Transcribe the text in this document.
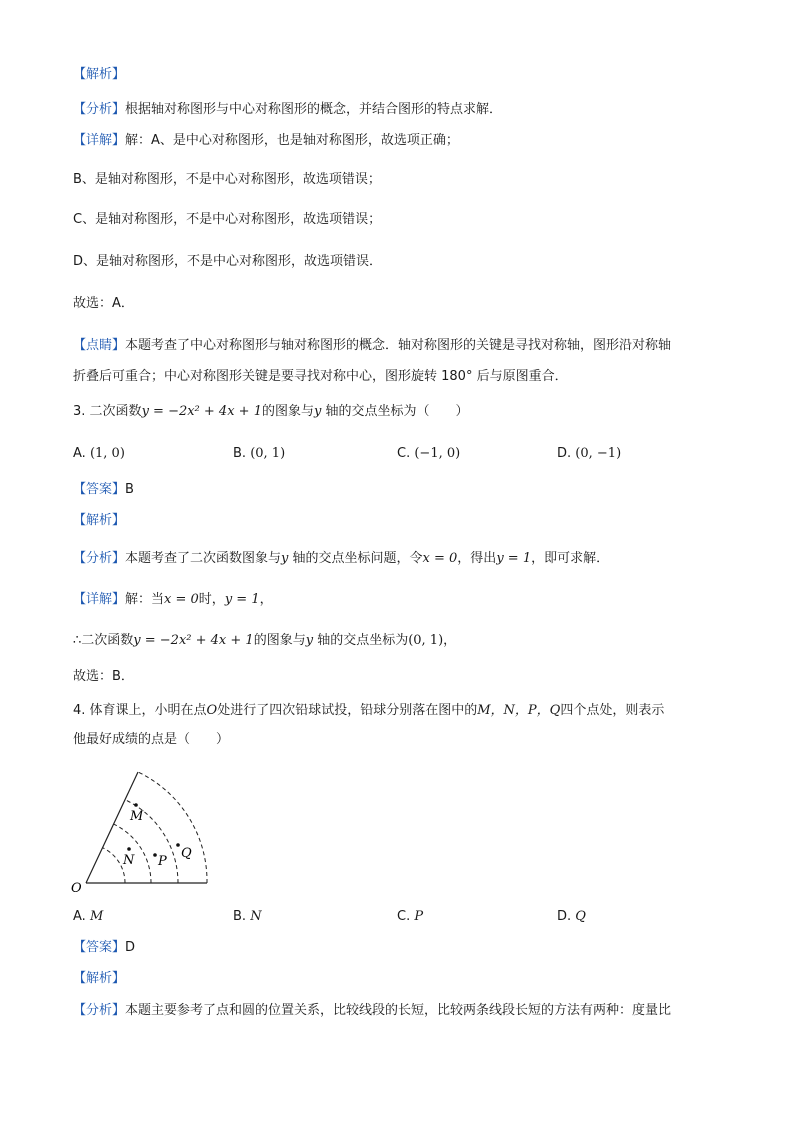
【解析】
【分析】根据轴对称图形与中心对称图形的概念，并结合图形的特点求解．
【详解】解：A、是中心对称图形，也是轴对称图形，故选项正确；
B、是轴对称图形，不是中心对称图形，故选项错误；
C、是轴对称图形，不是中心对称图形，故选项错误；
D、是轴对称图形，不是中心对称图形，故选项错误．
故选：A．
【点睛】本题考查了中心对称图形与轴对称图形的概念．轴对称图形的关键是寻找对称轴，图形沿对称轴
折叠后可重合；中心对称图形关键是要寻找对称中心，图形旋转 180° 后与原图重合．
3. 二次函数y = −2x² + 4x + 1的图象与y 轴的交点坐标为（　　）
A. (1, 0)	B. (0, 1)	C. (−1, 0)	D. (0, −1)
【答案】B
【解析】
【分析】本题考查了二次函数图象与y 轴的交点坐标问题，令x = 0，得出y = 1，即可求解．
【详解】解：当x = 0时，y = 1，
∴二次函数y = −2x² + 4x + 1的图象与y 轴的交点坐标为(0, 1)，
故选：B．
4. 体育课上，小明在点O处进行了四次铅球试投，铅球分别落在图中的M，N，P，Q四个点处，则表示
他最好成绩的点是（　　）
M
N P
Q
O
A. M	B. N	C. P	D. Q
【答案】D
【解析】
【分析】本题主要参考了点和圆的位置关系，比较线段的长短，比较两条线段长短的方法有两种：度量比
